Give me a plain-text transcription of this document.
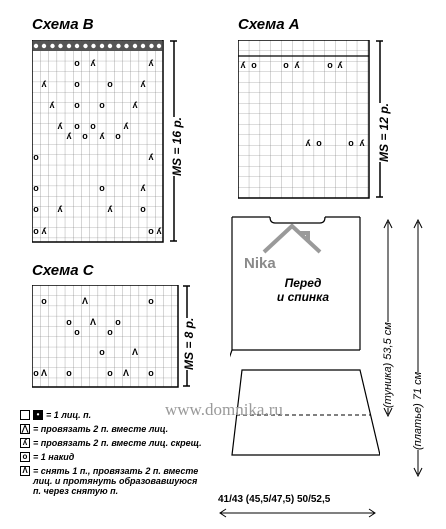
Схема B
o ʎ	ʎ
ʎ	o	o	ʎ
ʎ o o	ʎ
ʎ o o	ʎ
ʎ o ʎ o
o	ʎ
o	o	ʎ
o ʎ	ʎ	o
o ʎ	o ʎ
MS = 16 р.
Схема A
ʎ o	o ʎ	o ʎ
ʎ o	o ʎ MS = 12 р.
Схема C
o	Λ	o
o Λ o
o	o
o	Λ
o Λ o	o Λ o
MS = 8 р.
Nika
Перед
и спинка
www.domnika.ru
(туника) 53,5 см
(платье) 71 см
41/43 (45,5/47,5) 50/52,5
• = 1 лиц. п.
⋀ = провязать 2 п. вместе лиц.
ʎ = провязать 2 п. вместе лиц. скрещ.
o = 1 накид
Λ = снять 1 п., провязать 2 п. вместе лиц. и протянуть образовавшуюся п. через снятую п.
